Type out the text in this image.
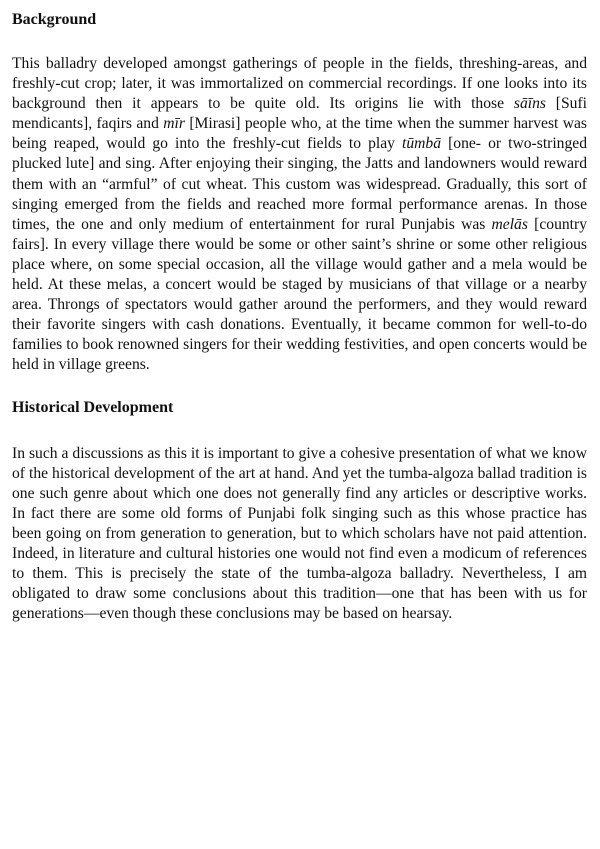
Background

This balladry developed amongst gatherings of people in the fields, threshing-areas, and freshly-cut crop; later, it was immortalized on commercial recordings. If one looks into its background then it appears to be quite old. Its origins lie with those sāīns [Sufi mendicants], faqirs and mīr [Mirasi] people who, at the time when the summer harvest was being reaped, would go into the freshly-cut fields to play tūmbā [one- or two-stringed plucked lute] and sing. After enjoying their singing, the Jatts and landowners would reward them with an “armful” of cut wheat. This custom was widespread. Gradually, this sort of singing emerged from the fields and reached more formal performance arenas. In those times, the one and only medium of entertainment for rural Punjabis was melās [country fairs]. In every village there would be some or other saint’s shrine or some other religious place where, on some special occasion, all the village would gather and a mela would be held. At these melas, a concert would be staged by musicians of that village or a nearby area. Throngs of spectators would gather around the performers, and they would reward their favorite singers with cash donations. Eventually, it became common for well-to-do families to book renowned singers for their wedding festivities, and open concerts would be held in village greens.

Historical Development

In such a discussions as this it is important to give a cohesive presentation of what we know of the historical development of the art at hand. And yet the tumba-algoza ballad tradition is one such genre about which one does not generally find any articles or descriptive works. In fact there are some old forms of Punjabi folk singing such as this whose practice has been going on from generation to generation, but to which scholars have not paid attention. Indeed, in literature and cultural histories one would not find even a modicum of references to them. This is precisely the state of the tumba-algoza balladry. Nevertheless, I am obligated to draw some conclusions about this tradition—one that has been with us for generations—even though these conclusions may be based on hearsay.
